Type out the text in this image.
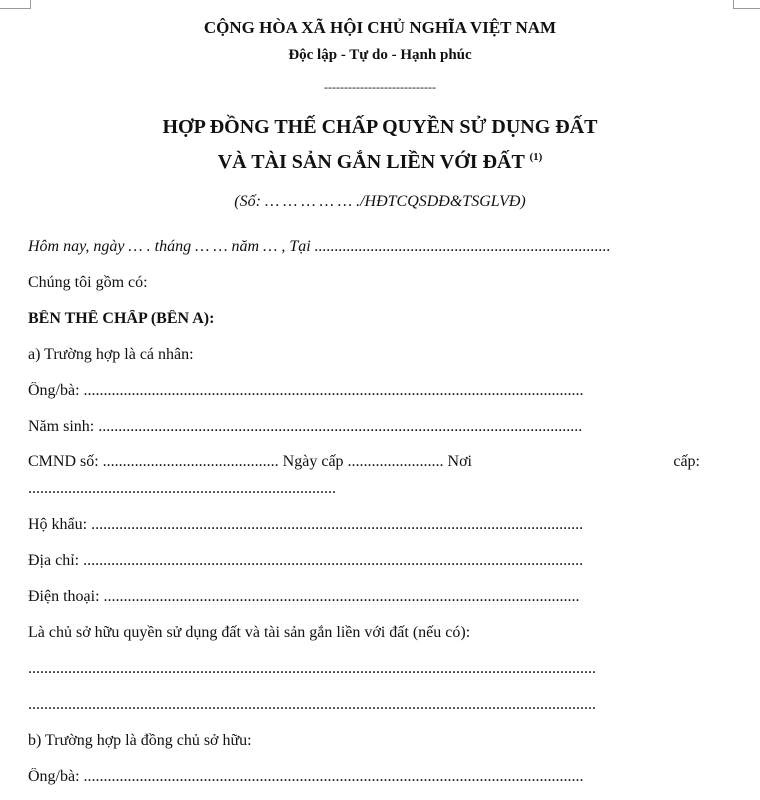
CỘNG HÒA XÃ HỘI CHỦ NGHĨA VIỆT NAM
Độc lập - Tự do - Hạnh phúc
----------------------------
HỢP ĐỒNG THẾ CHẤP QUYỀN SỬ DỤNG ĐẤT
VÀ TÀI SẢN GẮN LIỀN VỚI ĐẤT $^{(1)}$
(Số: … … … … … ./HĐTCQSDĐ&TSGLVĐ)
Hôm nay, ngày … . tháng … … năm … , Tại ..........................................................................
Chúng tôi gồm có:
BÊN THẾ CHẤP (BÊN A):
a) Trường hợp là cá nhân:
Ông/bà: .............................................................................................................................
Năm sinh: .........................................................................................................................
CMND số: ............................................ Ngày cấp ........................ Nơi	cấp:
.............................................................................
Hộ khẩu: ...........................................................................................................................
Địa chỉ: .............................................................................................................................
Điện thoại: .......................................................................................................................
Là chủ sở hữu quyền sử dụng đất và tài sản gắn liền với đất (nếu có):
..............................................................................................................................................
..............................................................................................................................................
b) Trường hợp là đồng chủ sở hữu:
Ông/bà: .............................................................................................................................
